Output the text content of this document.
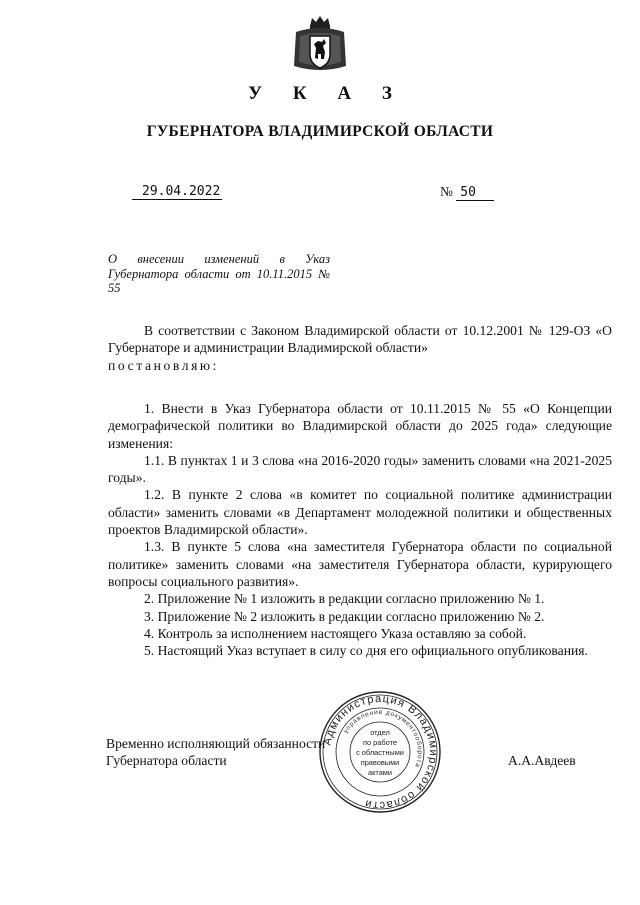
У К А З
ГУБЕРНАТОРА ВЛАДИМИРСКОЙ ОБЛАСТИ
29.04.2022	№ 50
О внесении изменений в Указ Губернатора области от 10.11.2015 № 55

В соответствии с Законом Владимирской области от 10.12.2001 № 129-ОЗ «О Губернаторе и администрации Владимирской области»

постановляю:

1. Внести в Указ Губернатора области от 10.11.2015 № 55 «О Концепции демографической политики во Владимирской области до 2025 года» следующие изменения:

1.1. В пунктах 1 и 3 слова «на 2016-2020 годы» заменить словами «на 2021-2025 годы».

1.2. В пункте 2 слова «в комитет по социальной политике администрации области» заменить словами «в Департамент молодежной политики и общественных проектов Владимирской области».

1.3. В пункте 5 слова «на заместителя Губернатора области по социальной политике» заменить словами «на заместителя Губернатора области, курирующего вопросы социального развития».

2. Приложение № 1 изложить в редакции согласно приложению № 1.

3. Приложение № 2 изложить в редакции согласно приложению № 2.

4. Контроль за исполнением настоящего Указа оставляю за собой.

5. Настоящий Указ вступает в силу со дня его официального опубликования.

Временно исполняющий обязанности
Губернатора области	А.А.Авдеев
Администрация Владимирской области
управление документооборота
отдел
по работе
с областными
правовыми
актами
